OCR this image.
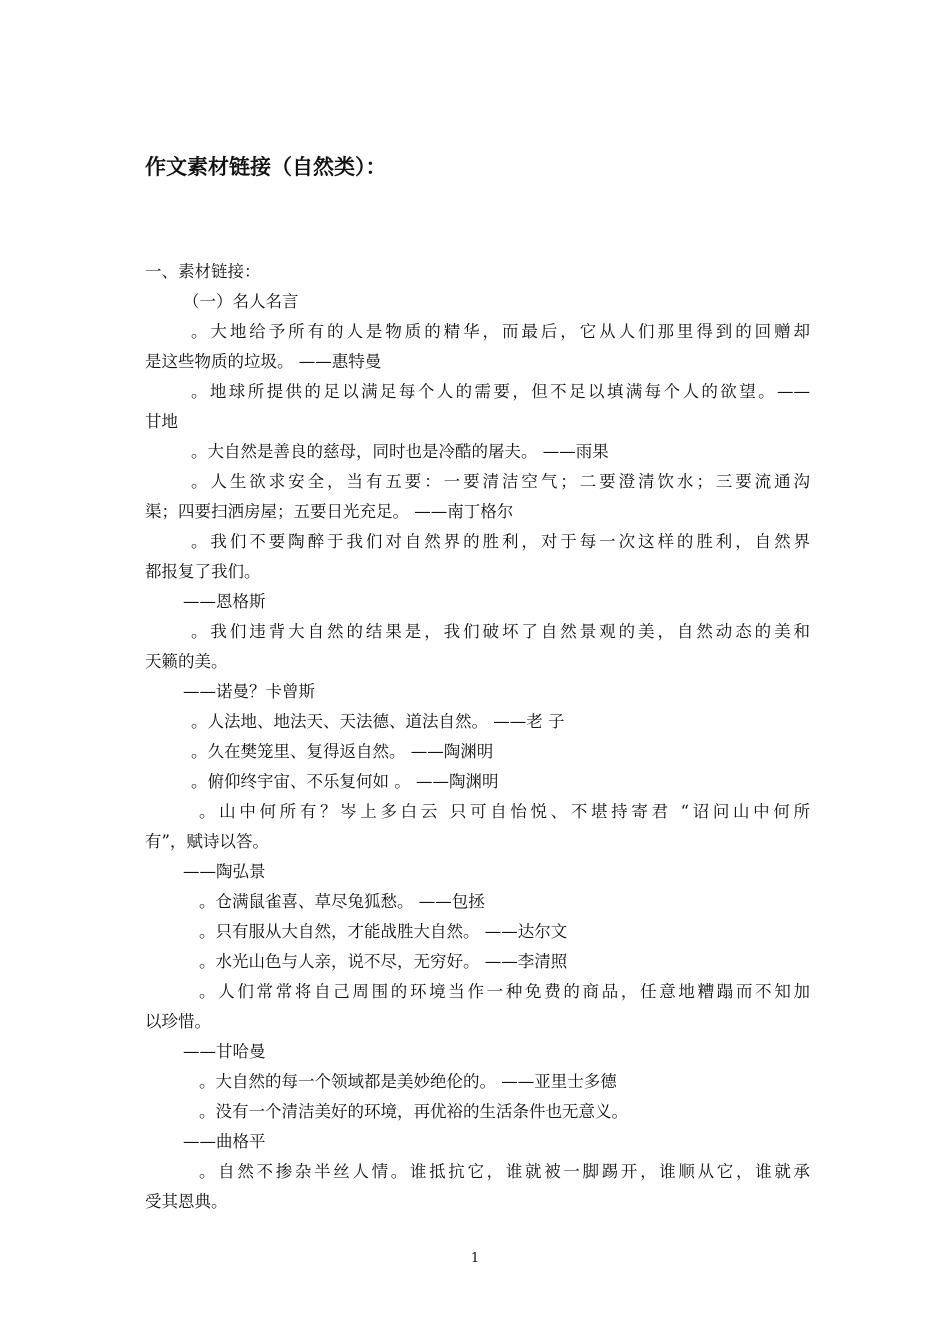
作文素材链接（自然类）：
一、素材链接：
（一）名人名言
。大地给予所有的人是物质的精华，而最后，它从人们那里得到的回赠却
是这些物质的垃圾。 ——惠特曼
。地球所提供的足以满足每个人的需要，但不足以填满每个人的欲望。——
甘地
。大自然是善良的慈母，同时也是冷酷的屠夫。 ——雨果
。人生欲求安全，当有五要：一要清洁空气；二要澄清饮水；三要流通沟
渠；四要扫洒房屋；五要日光充足。 ——南丁格尔
。我们不要陶醉于我们对自然界的胜利，对于每一次这样的胜利，自然界
都报复了我们。
——恩格斯
。我们违背大自然的结果是，我们破坏了自然景观的美，自然动态的美和
天籁的美。
——诺曼？卡曾斯
。人法地、地法天、天法德、道法自然。 ——老 子
。久在樊笼里、复得返自然。 ——陶渊明
。俯仰终宇宙、不乐复何如 。 ——陶渊明
。山中何所有？岑上多白云 只可自怡悦、不堪持寄君 “诏问山中何所
有”，赋诗以答。
——陶弘景
。仓满鼠雀喜、草尽兔狐愁。 ——包拯
。只有服从大自然，才能战胜大自然。 ——达尔文
。水光山色与人亲，说不尽，无穷好。 ——李清照
。人们常常将自己周围的环境当作一种免费的商品，任意地糟蹋而不知加
以珍惜。
——甘哈曼
。大自然的每一个领域都是美妙绝伦的。 ——亚里士多德
。没有一个清洁美好的环境，再优裕的生活条件也无意义。
——曲格平
。自然不掺杂半丝人情。谁抵抗它，谁就被一脚踢开，谁顺从它，谁就承
受其恩典。
1
